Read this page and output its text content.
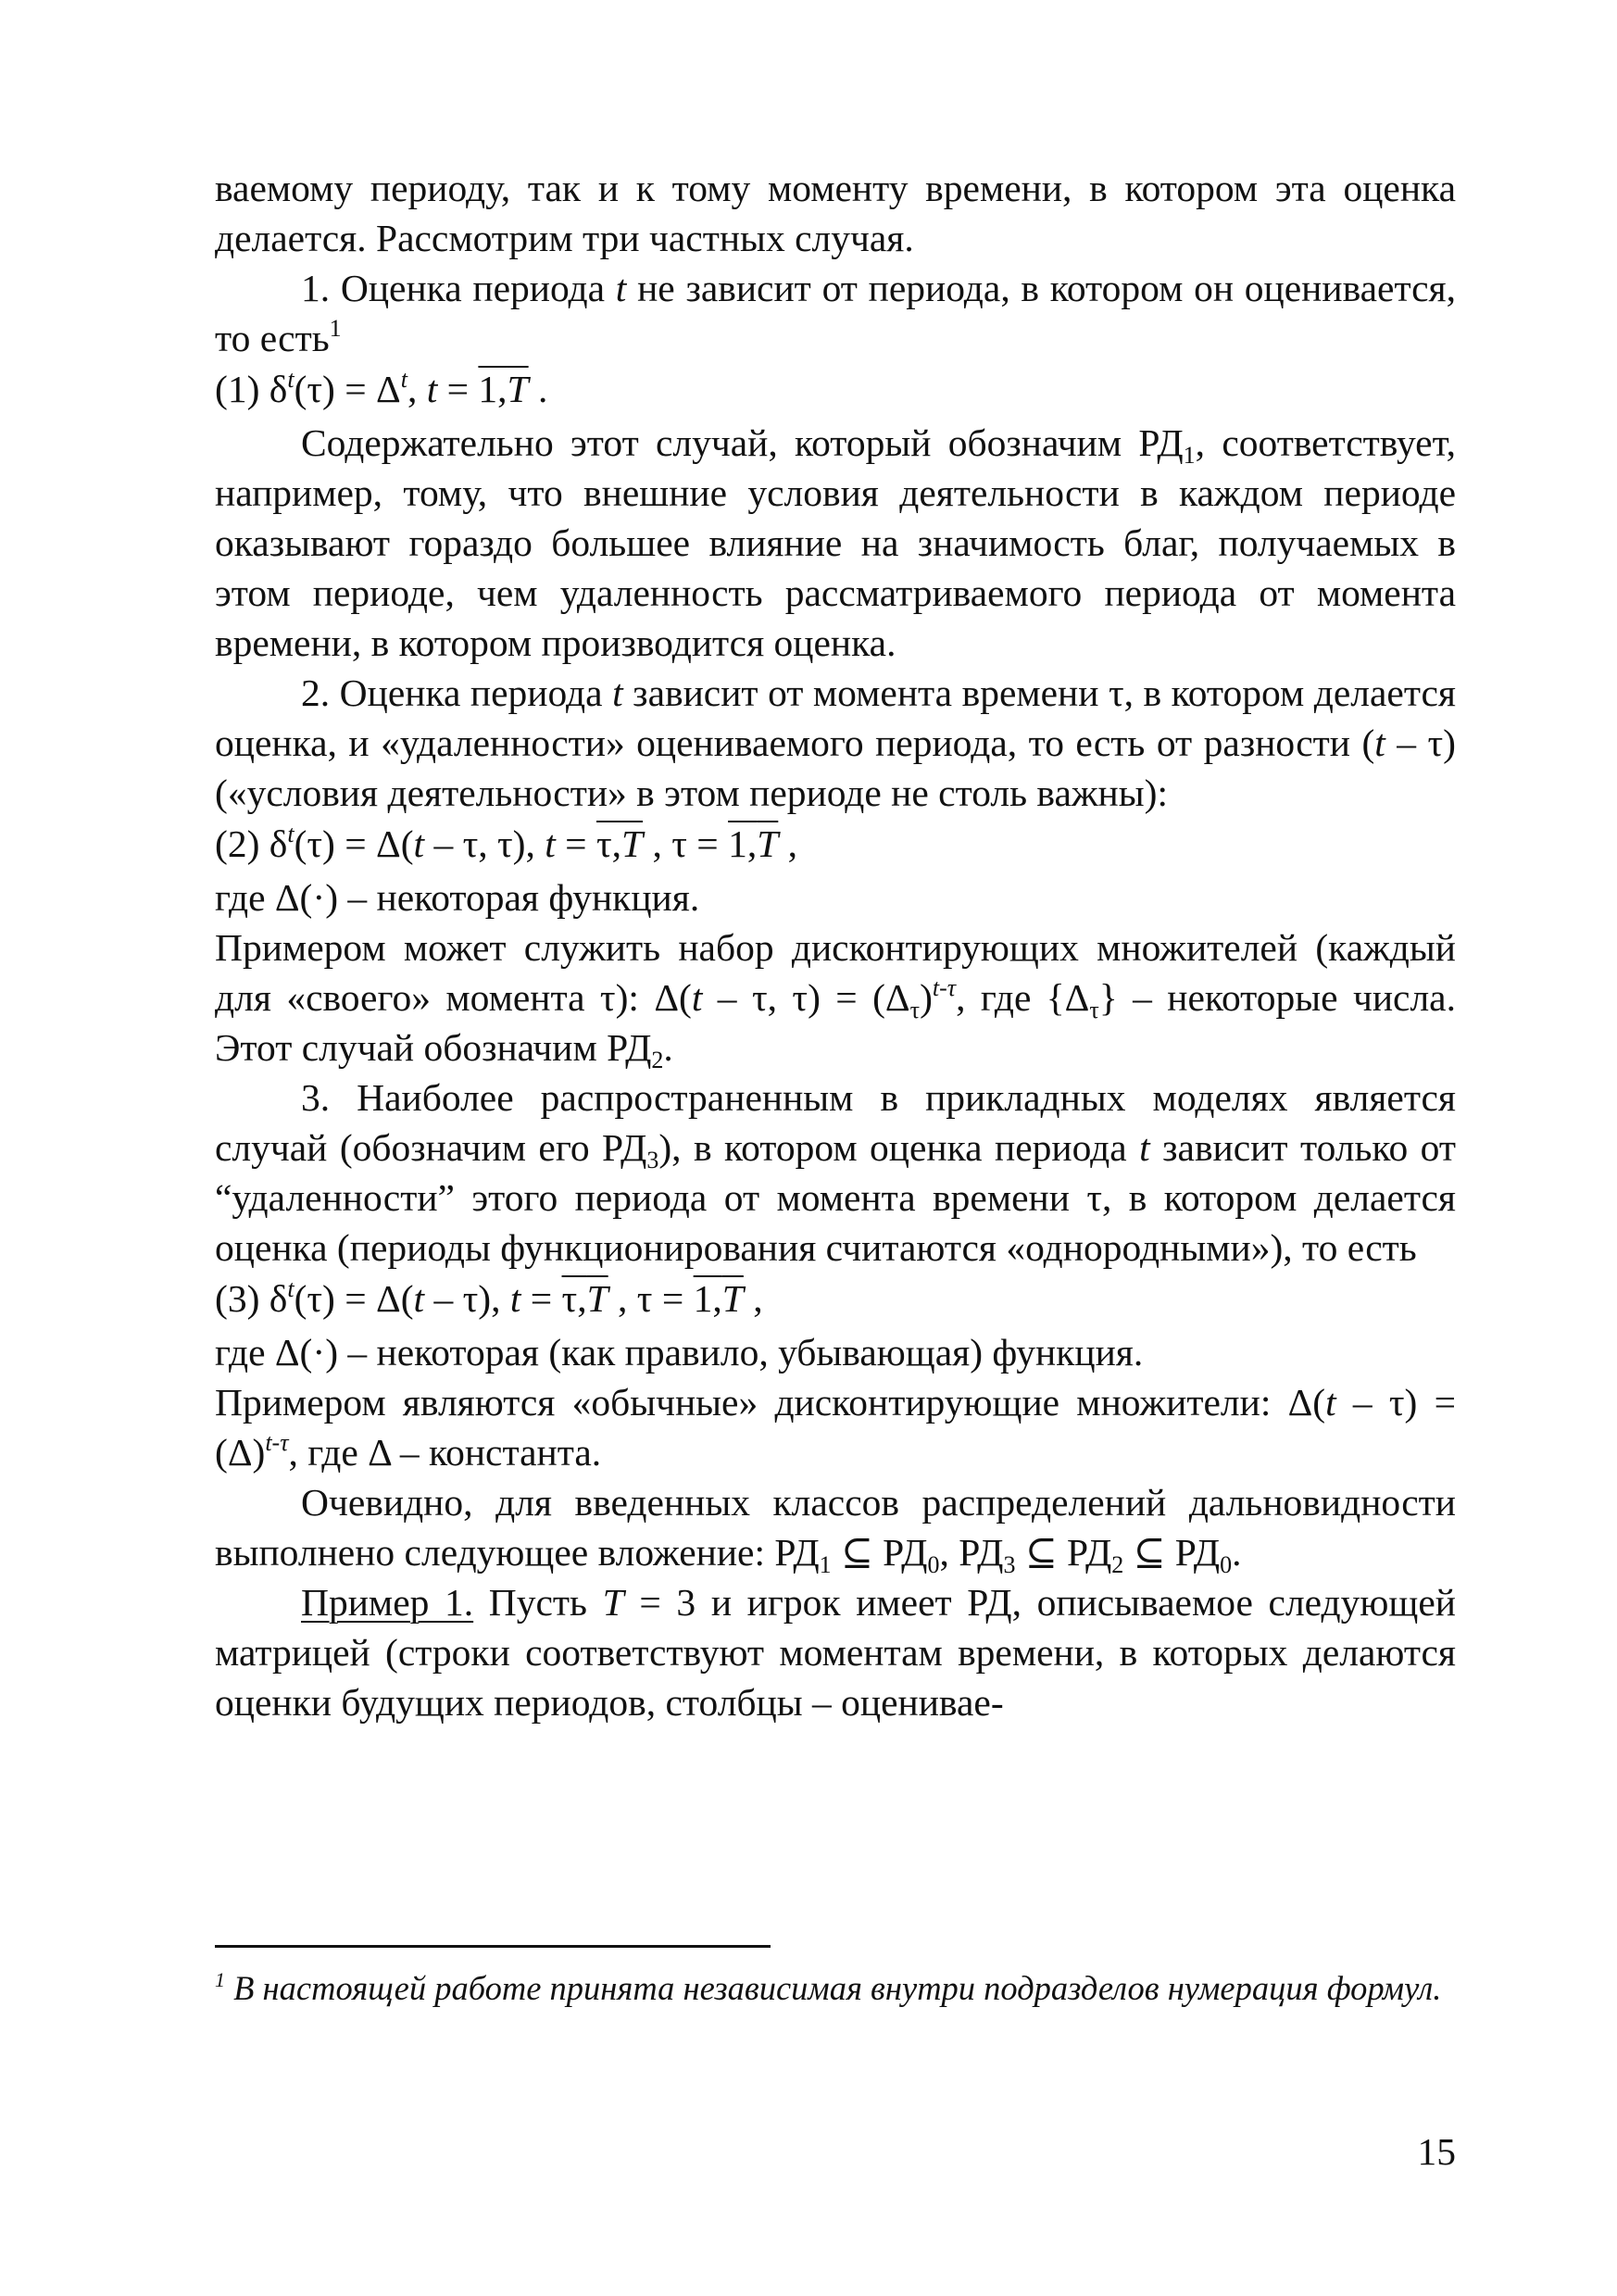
ваемому периоду, так и к тому моменту времени, в котором эта оценка делается. Рассмотрим три частных случая.

1. Оценка периода t не зависит от периода, в котором он оценивается, то есть$^1$

(1) $\delta^t(\tau) = \Delta^t$, t = 1,T .

Содержательно этот случай, который обозначим $РД_1$, соответствует, например, тому, что внешние условия деятельности в каждом периоде оказывают гораздо большее влияние на значимость благ, получаемых в этом периоде, чем удаленность рассматриваемого периода от момента времени, в котором производится оценка.

2. Оценка периода t зависит от момента времени τ, в котором делается оценка, и «удаленности» оцениваемого периода, то есть от разности (t – τ) («условия деятельности» в этом периоде не столь важны):

(2) $\delta^t(\tau) = \Delta(t - \tau$, τ), t = τ,T , τ = 1,T ,

где Δ(·) – некоторая функция.

Примером может служить набор дисконтирующих множителей (каждый для «своего» момента τ): Δ(t – τ, $\tau) = (\Delta_\tau)^{t-\tau}$, где $\{\Delta_\tau\}$ – некоторые числа. Этот случай обозначим $РД_2$.

3. Наиболее распространенным в прикладных моделях является случай (обозначим его $РД_3$), в котором оценка периода t зависит только от “удаленности” этого периода от момента времени τ, в котором делается оценка (периоды функционирования считаются «однородными»), то есть

(3) $\delta^t(\tau) = \Delta(t - \tau)$, t = τ,T , τ = 1,T ,

где Δ(·) – некоторая (как правило, убывающая) функция.

Примером являются «обычные» дисконтирующие множители: $\Delta(t - \tau) = (\Delta)^{t-\tau}$, где Δ – константа.

Очевидно, для введенных классов распределений дальновидности выполнено следующее вложение: $РД_1$ ⊆ $РД_0$, $РД_3$ ⊆ $РД_2$ ⊆ $РД_0$.

Пример 1. Пусть T = 3 и игрок имеет РД, описываемое следующей матрицей (строки соответствуют моментам времени, в которых делаются оценки будущих периодов, столбцы – оценивае-

$^1$ В настоящей работе принята независимая внутри подразделов нумерация формул.

15
